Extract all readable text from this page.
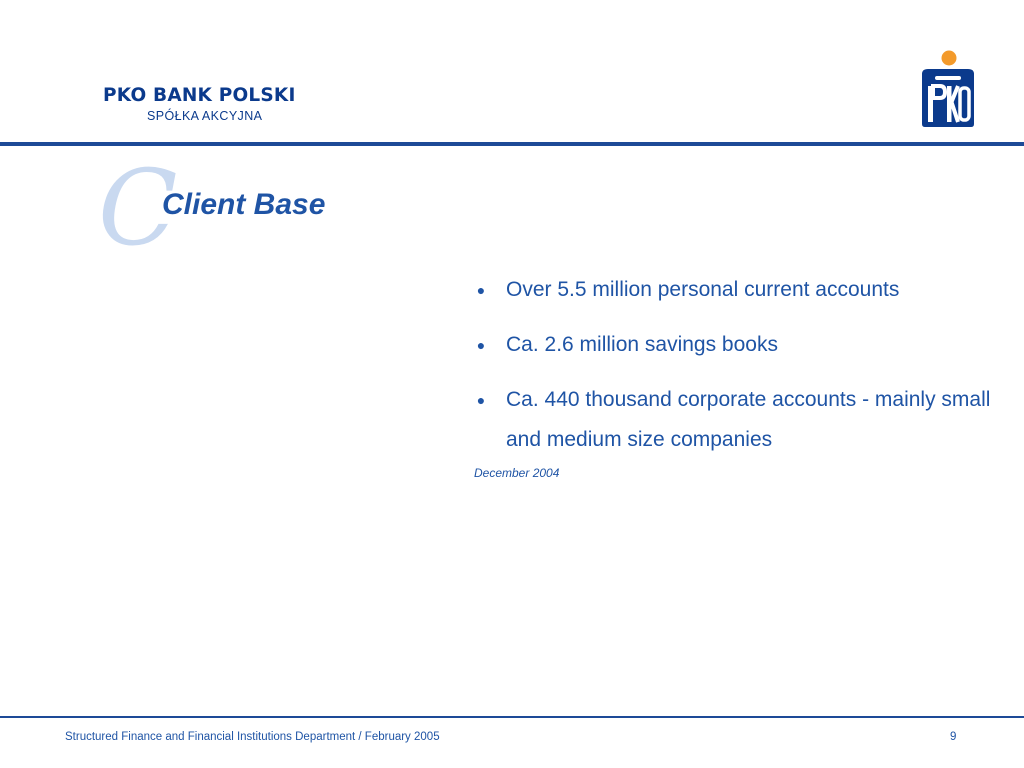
PKO BANK POLSKI
SPÓŁKA AKCYJNA
C
Client Base
● Over 5.5 million personal current accounts
● Ca. 2.6 million savings books
● Ca. 440 thousand corporate accounts - mainly small and medium size companies
December 2004
Structured Finance and Financial Institutions Department / February 2005	9
